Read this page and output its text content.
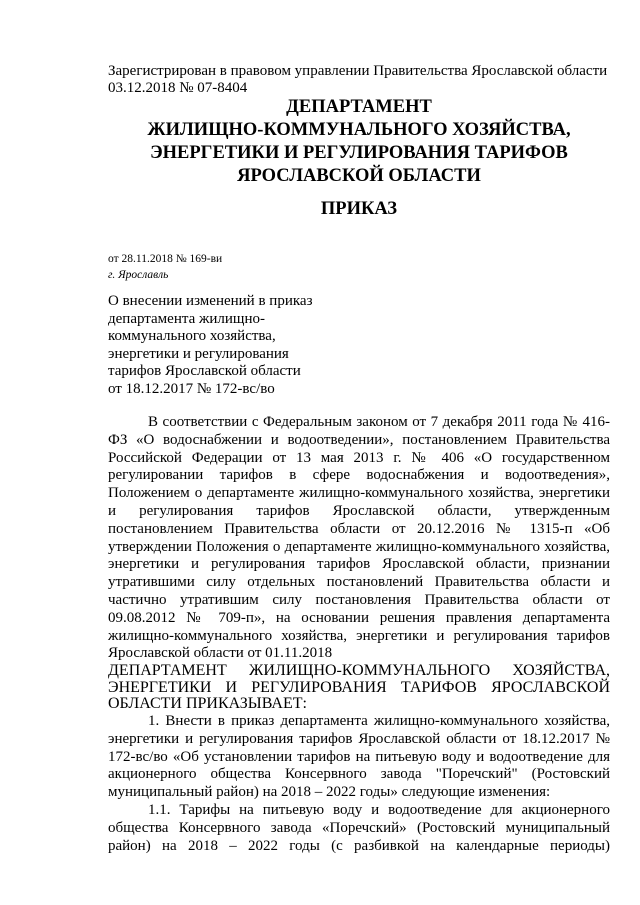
Зарегистрирован в правовом управлении Правительства Ярославской области
03.12.2018 № 07-8404
ДЕПАРТАМЕНТ
ЖИЛИЩНО-КОММУНАЛЬНОГО ХОЗЯЙСТВА,
ЭНЕРГЕТИКИ И РЕГУЛИРОВАНИЯ ТАРИФОВ
ЯРОСЛАВСКОЙ ОБЛАСТИ
ПРИКАЗ
от 28.11.2018 № 169-ви
г. Ярославль
О внесении изменений в приказ
департамента жилищно-
коммунального хозяйства,
энергетики и регулирования
тарифов Ярославской области
от 18.12.2017 № 172-вс/во

В соответствии с Федеральным законом от 7 декабря 2011 года № 416-ФЗ «О водоснабжении и водоотведении», постановлением Правительства Российской Федерации от 13 мая 2013 г. № 406 «О государственном регулировании тарифов в сфере водоснабжения и водоотведения», Положением о департаменте жилищно-коммунального хозяйства, энергетики и регулирования тарифов Ярославской области, утвержденным постановлением Правительства области от 20.12.2016 № 1315-п «Об утверждении Положения о департаменте жилищно-коммунального хозяйства, энергетики и регулирования тарифов Ярославской области, признании утратившими силу отдельных постановлений Правительства области и частично утратившим силу постановления Правительства области от 09.08.2012 № 709-п», на основании решения правления департамента жилищно-коммунального хозяйства, энергетики и регулирования тарифов Ярославской области от 01.11.2018

ДЕПАРТАМЕНТ ЖИЛИЩНО-КОММУНАЛЬНОГО ХОЗЯЙСТВА, ЭНЕРГЕТИКИ И РЕГУЛИРОВАНИЯ ТАРИФОВ ЯРОСЛАВСКОЙ ОБЛАСТИ ПРИКАЗЫВАЕТ:

1. Внести в приказ департамента жилищно-коммунального хозяйства, энергетики и регулирования тарифов Ярославской области от 18.12.2017 № 172-вс/во «Об установлении тарифов на питьевую воду и водоотведение для акционерного общества Консервного завода "Поречский" (Ростовский муниципальный район) на 2018 – 2022 годы» следующие изменения:

1.1. Тарифы на питьевую воду и водоотведение для акционерного общества Консервного завода «Поречский» (Ростовский муниципальный район) на 2018 – 2022 годы (с разбивкой на календарные периоды)
